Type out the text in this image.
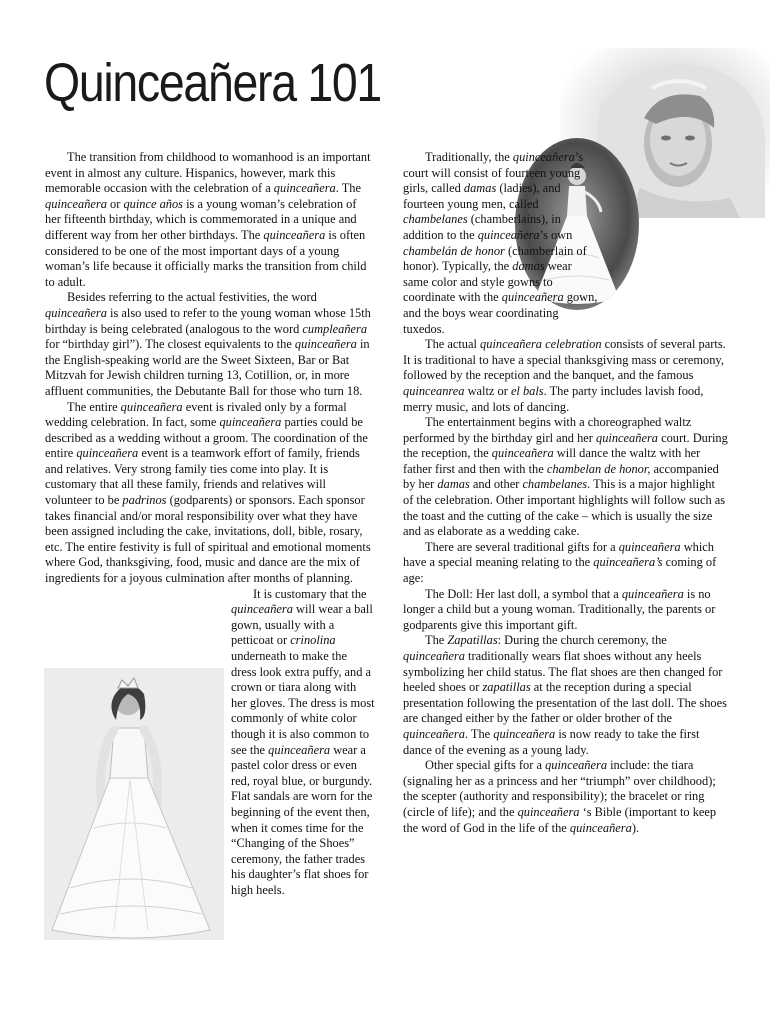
Quinceañera 101

The transition from childhood to womanhood is an important event in almost any culture. Hispanics, however, mark this memorable occasion with the celebration of a quinceañera. The quinceañera or quince años is a young woman’s celebration of her fifteenth birthday, which is commemorated in a unique and different way from her other birthdays. The quinceañera is often considered to be one of the most important days of a young woman’s life because it officially marks the transition from child to adult.

Besides referring to the actual festivities, the word quinceañera is also used to refer to the young woman whose 15th birthday is being celebrated (analogous to the word cumpleañera for “birthday girl”). The closest equivalents to the quinceañera in the English-speaking world are the Sweet Sixteen, Bar or Bat Mitzvah for Jewish children turning 13, Cotillion, or, in more affluent communities, the Debutante Ball for those who turn 18.

The entire quinceañera event is rivaled only by a formal wedding celebration. In fact, some quinceañera parties could be described as a wedding without a groom. The coordination of the entire quinceañera event is a teamwork effort of family, friends and relatives. Very strong family ties come into play. It is customary that all these family, friends and relatives will volunteer to be padrinos (godparents) or sponsors. Each sponsor takes financial and/or moral responsibility over what they have been assigned including the cake, invitations, doll, bible, rosary, etc. The entire festivity is full of spiritual and emotional moments where God, thanksgiving, food, music and dance are the mix of ingredients for a joyous culmination after months of planning.

It is customary that the quinceañera will wear a ball gown, usually with a petticoat or crinolina underneath to make the dress look extra puffy, and a crown or tiara along with her gloves. The dress is most commonly of white color though it is also common to see the quinceañera wear a pastel color dress or even red, royal blue, or burgundy. Flat sandals are worn for the beginning of the event then, when it comes time for the “Changing of the Shoes” ceremony, the father trades his daughter’s flat shoes for high heels.

Traditionally, the quinceañera’s court will consist of fourteen young girls, called damas (ladies), and fourteen young men, called chambelanes (chamberlains), in addition to the quinceañera’s own chambelán de honor (chamberlain of honor). Typically, the damas wear same color and style gowns to coordinate with the quinceañera gown, and the boys wear coordinating tuxedos.

The actual quinceañera celebration consists of several parts. It is traditional to have a special thanksgiving mass or ceremony, followed by the reception and the banquet, and the famous quinceanrea waltz or el bals. The party includes lavish food, merry music, and lots of dancing.

The entertainment begins with a choreographed waltz performed by the birthday girl and her quinceañera court. During the reception, the quinceañera will dance the waltz with her father first and then with the chambelan de honor, accompanied by her damas and other chambelanes. This is a major highlight of the celebration. Other important highlights will follow such as the toast and the cutting of the cake – which is usually the size and as elaborate as a wedding cake.

There are several traditional gifts for a quinceañera which have a special meaning relating to the quinceañera’s coming of age:

The Doll: Her last doll, a symbol that a quinceañera is no longer a child but a young woman. Traditionally, the parents or godparents give this important gift.

The Zapatillas: During the church ceremony, the quinceañera traditionally wears flat shoes without any heels symbolizing her child status. The flat shoes are then changed for heeled shoes or zapatillas at the reception during a special presentation following the presentation of the last doll. The shoes are changed either by the father or older brother of the quinceañera. The quinceañera is now ready to take the first dance of the evening as a young lady.

Other special gifts for a quinceañera include: the tiara (signaling her as a princess and her “triumph” over childhood); the scepter (authority and responsibility); the bracelet or ring (circle of life); and the quinceañera ‘s Bible (important to keep the word of God in the life of the quinceañera).
